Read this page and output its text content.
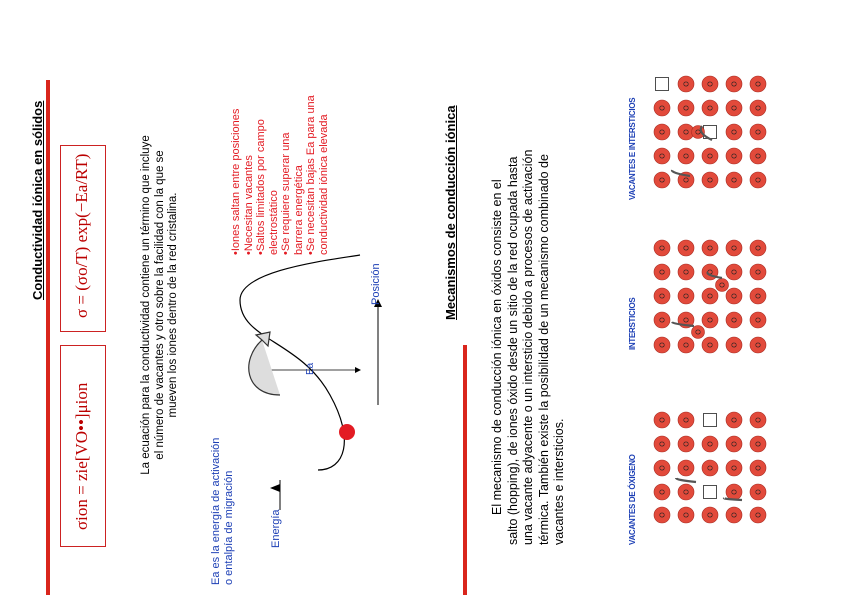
Conductividad iónica en sólidos
σion = zie[VO••]μion
σ = (σo/T) exp(−Ea/RT)	La ecuación para la conductividad contiene un término que incluye el número de vacantes y otro sobre la facilidad con la que se mueven los iones dentro de la red cristalina.
Energía
Posición
Ea
Ea es la energía de activación o entalpía de migración
•Iones saltan entre posiciones •Necesitan vacantes •Saltos limitados por campo electrostático •Se requiere superar una barrera energética •Se necesitan bajas Ea para una conductividad iónica elevada	Mecanismos de conducción iónica	El mecanismo de conducción iónica en óxidos consiste en el salto (hopping), de iones óxido desde un sitio de la red ocupada hasta una vacante adyacente o un intersticio debido a procesos de activación térmica. También existe la posibilidad de un mecanismo combinado de vacantes e intersticios.	VACANTES DE ÓXIGENO
INTERSTICIOS
VACANTES E INTERSTICIOS
O
O
O
O
O
O
O
O
O
O
O
O
O
O
O
O
O
O
O
O
O
O
O
O
O
O
O
O
O
O
O
O
O
O
O
O
O
O
O
O
O
O
O
O
O
O
O
O
O
O
O
O
O
O
O
O
O
O
O
O
O
O
O
O
O
O
O
O
O
O
O
O
O
O
